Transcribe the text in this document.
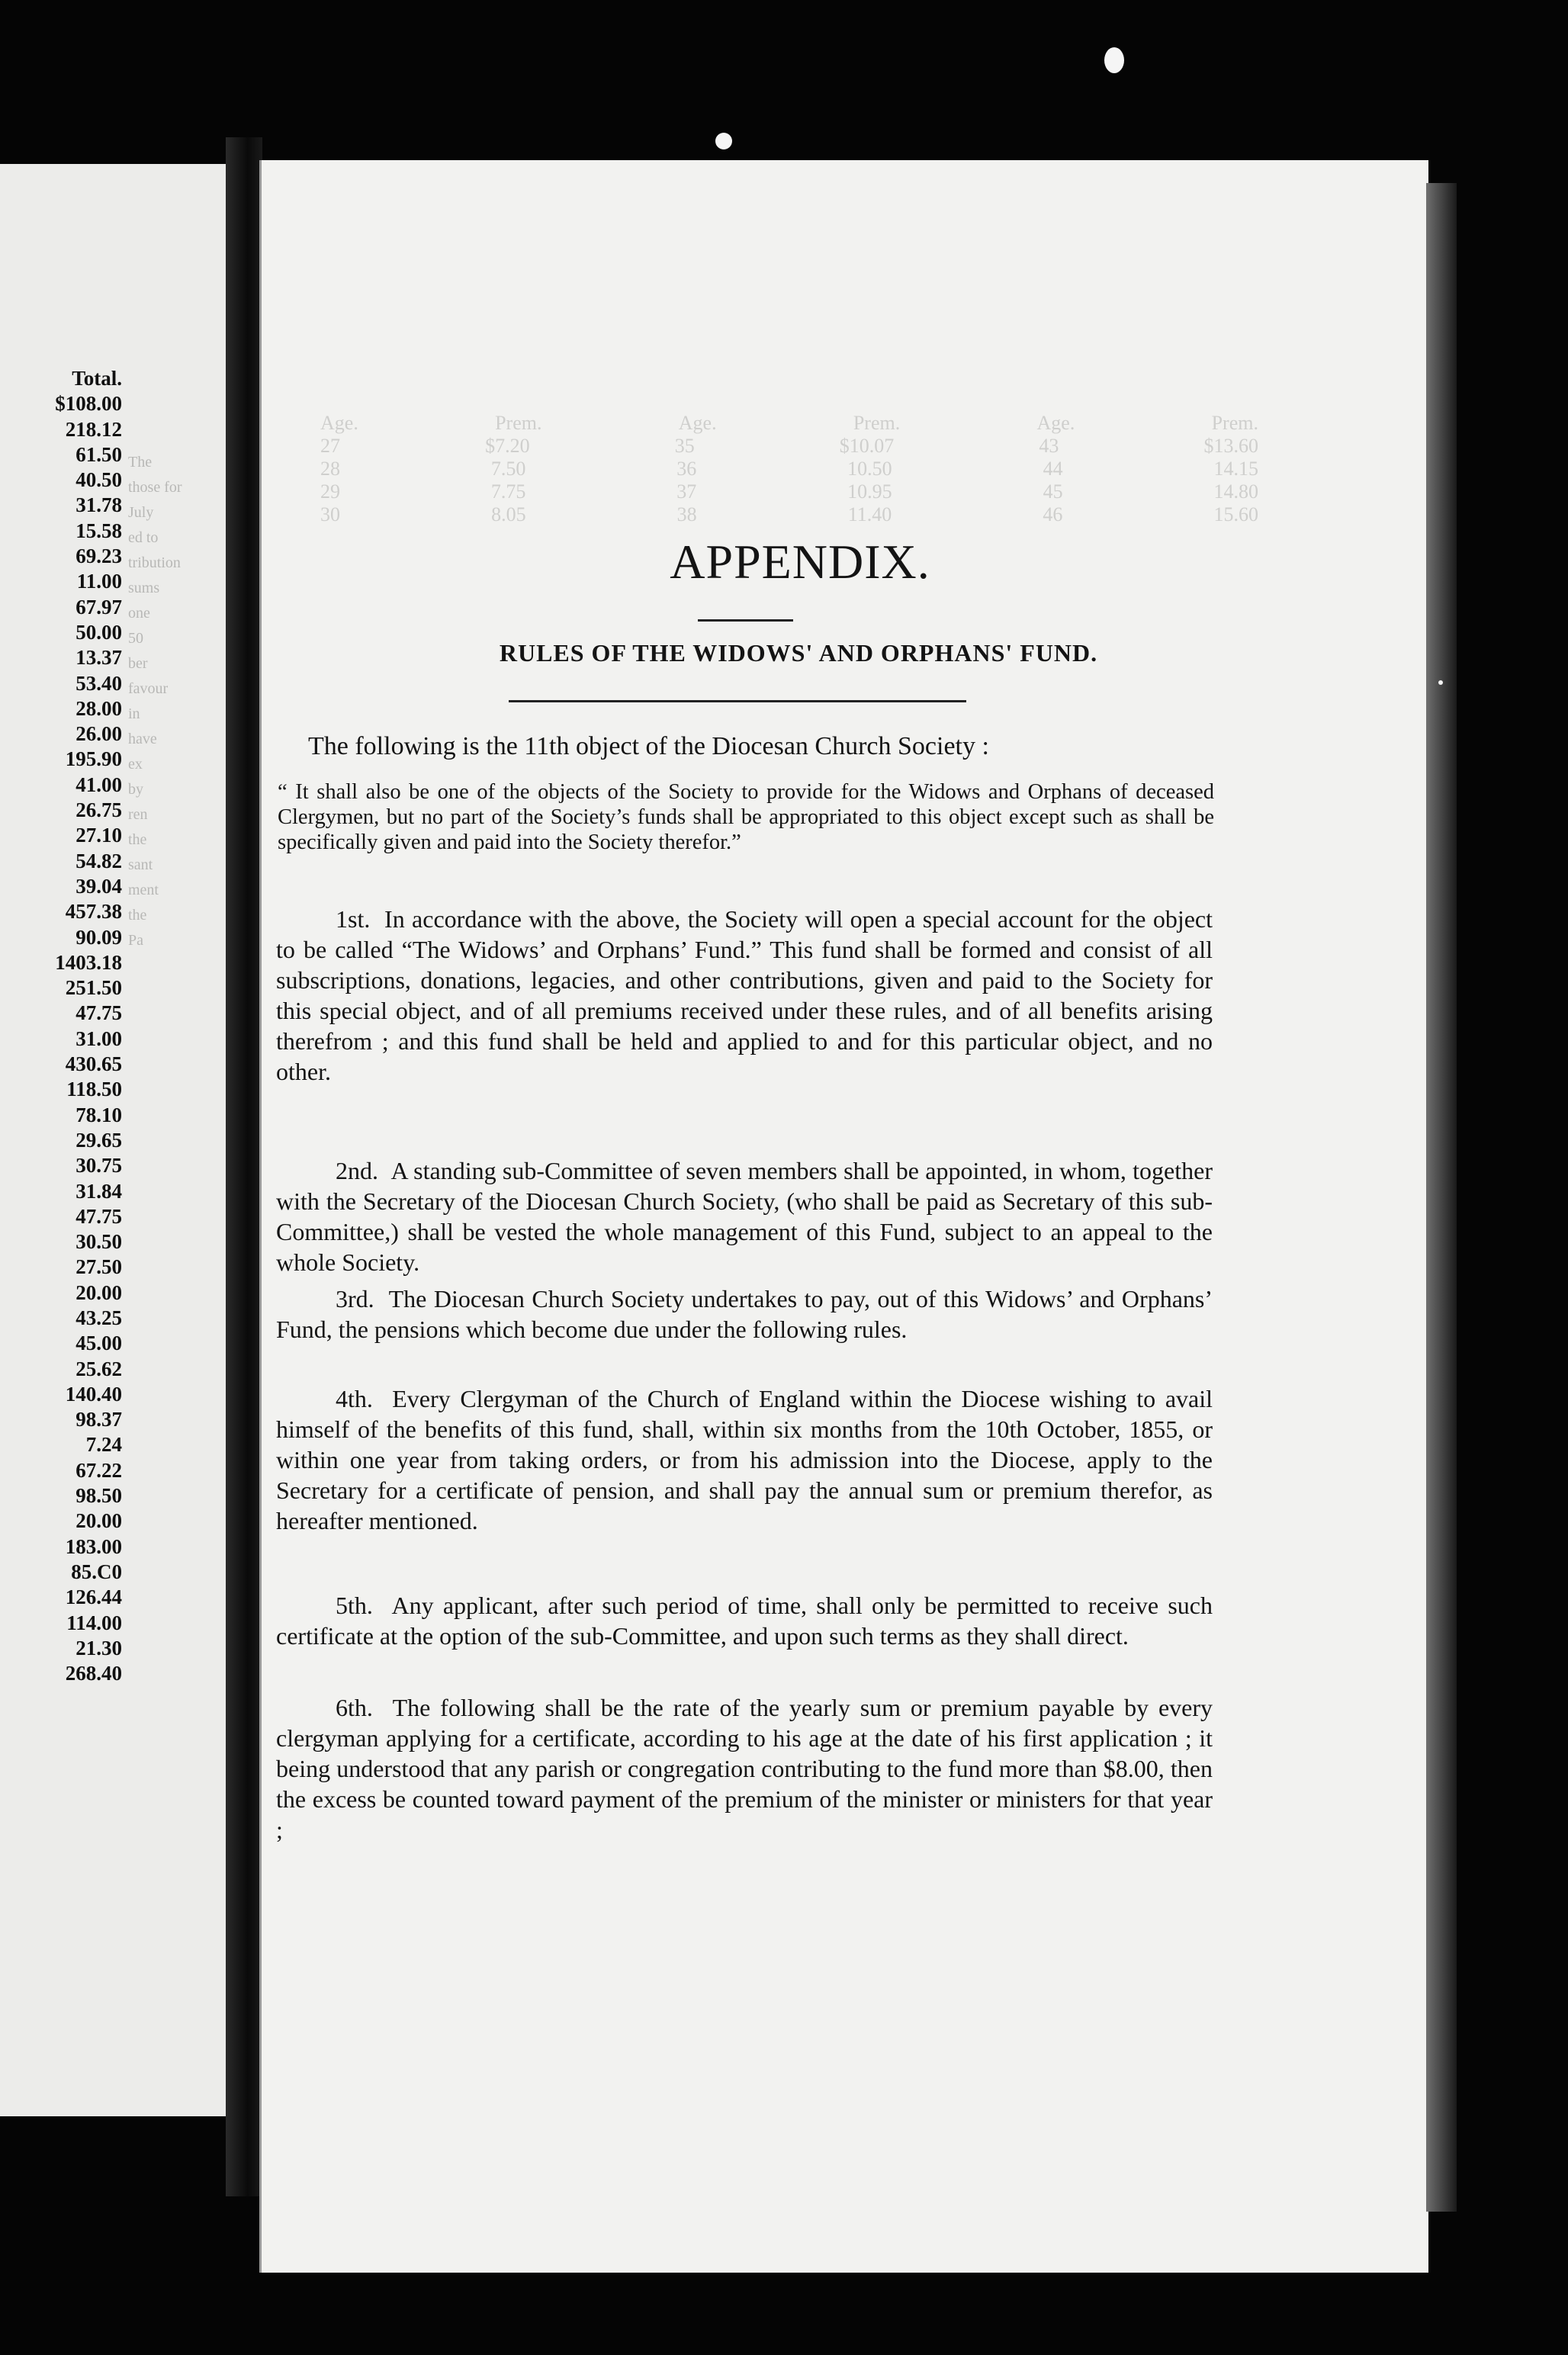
The
those for
July
ed to
tribution
sums
one
50
ber
favour
in
have
ex
by
ren
the
sant
ment
the
Pa
Total.
$108.00
218.12
61.50
40.50
31.78
15.58
69.23
11.00
67.97
50.00
13.37
53.40
28.00
26.00
195.90
41.00
26.75
27.10
54.82
39.04
457.38
90.09
1403.18
251.50
47.75
31.00
430.65
118.50
78.10
29.65
30.75
31.84
47.75
30.50
27.50
20.00
43.25
45.00
25.62
140.40
98.37
7.24
67.22
98.50
20.00
183.00
85.C0
126.44
114.00
21.30
268.40
Age.	Prem.	Age.	Prem.	Age.	Prem.
27	$7.20	35	$10.07	43	$13.60
28	7.50	36	10.50	44	14.15
29	7.75	37	10.95	45	14.80
30	8.05	38	11.40	46	15.60
APPENDIX.
RULES OF THE WIDOWS' AND ORPHANS' FUND.
The following is the 11th object of the Diocesan Church Society :
“ It shall also be one of the objects of the Society to provide for the Widows and Orphans of deceased Clergymen, but no part of the Society’s funds shall be appropriated to this object except such as shall be specifically given and paid into the Society therefor.”
1st. In accordance with the above, the Society will open a special account for the object to be called “The Widows’ and Orphans’ Fund.” This fund shall be formed and consist of all subscriptions, donations, legacies, and other contributions, given and paid to the Society for this special object, and of all premiums received under these rules, and of all benefits arising therefrom ; and this fund shall be held and applied to and for this particular object, and no other.
2nd. A standing sub-Committee of seven members shall be appointed, in whom, together with the Secretary of the Diocesan Church Society, (who shall be paid as Secretary of this sub-Committee,) shall be vested the whole management of this Fund, subject to an appeal to the whole Society.
3rd. The Diocesan Church Society undertakes to pay, out of this Widows’ and Orphans’ Fund, the pensions which become due under the following rules.
4th. Every Clergyman of the Church of England within the Diocese wishing to avail himself of the benefits of this fund, shall, within six months from the 10th October, 1855, or within one year from taking orders, or from his admission into the Diocese, apply to the Secretary for a certificate of pension, and shall pay the annual sum or premium therefor, as hereafter mentioned.
5th. Any applicant, after such period of time, shall only be permitted to receive such certificate at the option of the sub-Committee, and upon such terms as they shall direct.
6th. The following shall be the rate of the yearly sum or premium payable by every clergyman applying for a certificate, according to his age at the date of his first application ; it being understood that any parish or congregation contributing to the fund more than $8.00, then the excess be counted toward payment of the premium of the minister or ministers for that year ;
